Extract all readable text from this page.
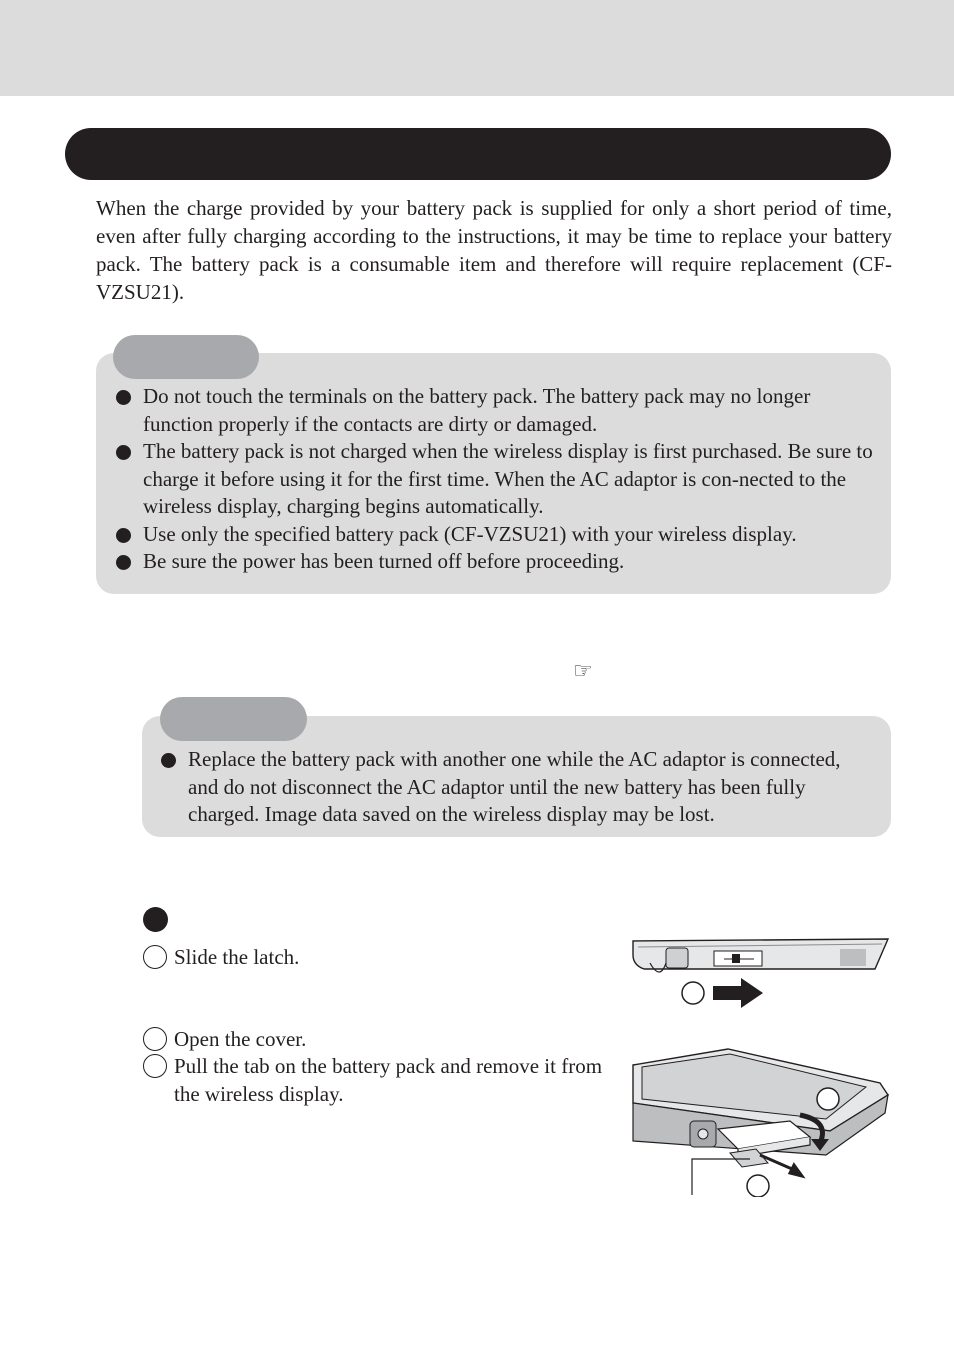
When the charge provided by your battery pack is supplied for only a short period of time, even after fully charging according to the instructions, it may be time to replace your battery pack. The battery pack is a consumable item and therefore will require replacement (CF-VZSU21).

Do not touch the terminals on the battery pack. The battery pack may no longer function properly if the contacts are dirty or damaged.
The battery pack is not charged when the wireless display is first purchased. Be sure to charge it before using it for the first time. When the AC adaptor is con-nected to the wireless display, charging begins automatically.
Use only the specified battery pack (CF-VZSU21) with your wireless display.
Be sure the power has been turned off before proceeding.
☞
Replace the battery pack with another one while the AC adaptor is connected, and do not disconnect the AC adaptor until the new battery has been fully charged. Image data saved on the wireless display may be lost.

Slide the latch.

Open the cover.

Pull the tab on the battery pack and remove it from the wireless display.
